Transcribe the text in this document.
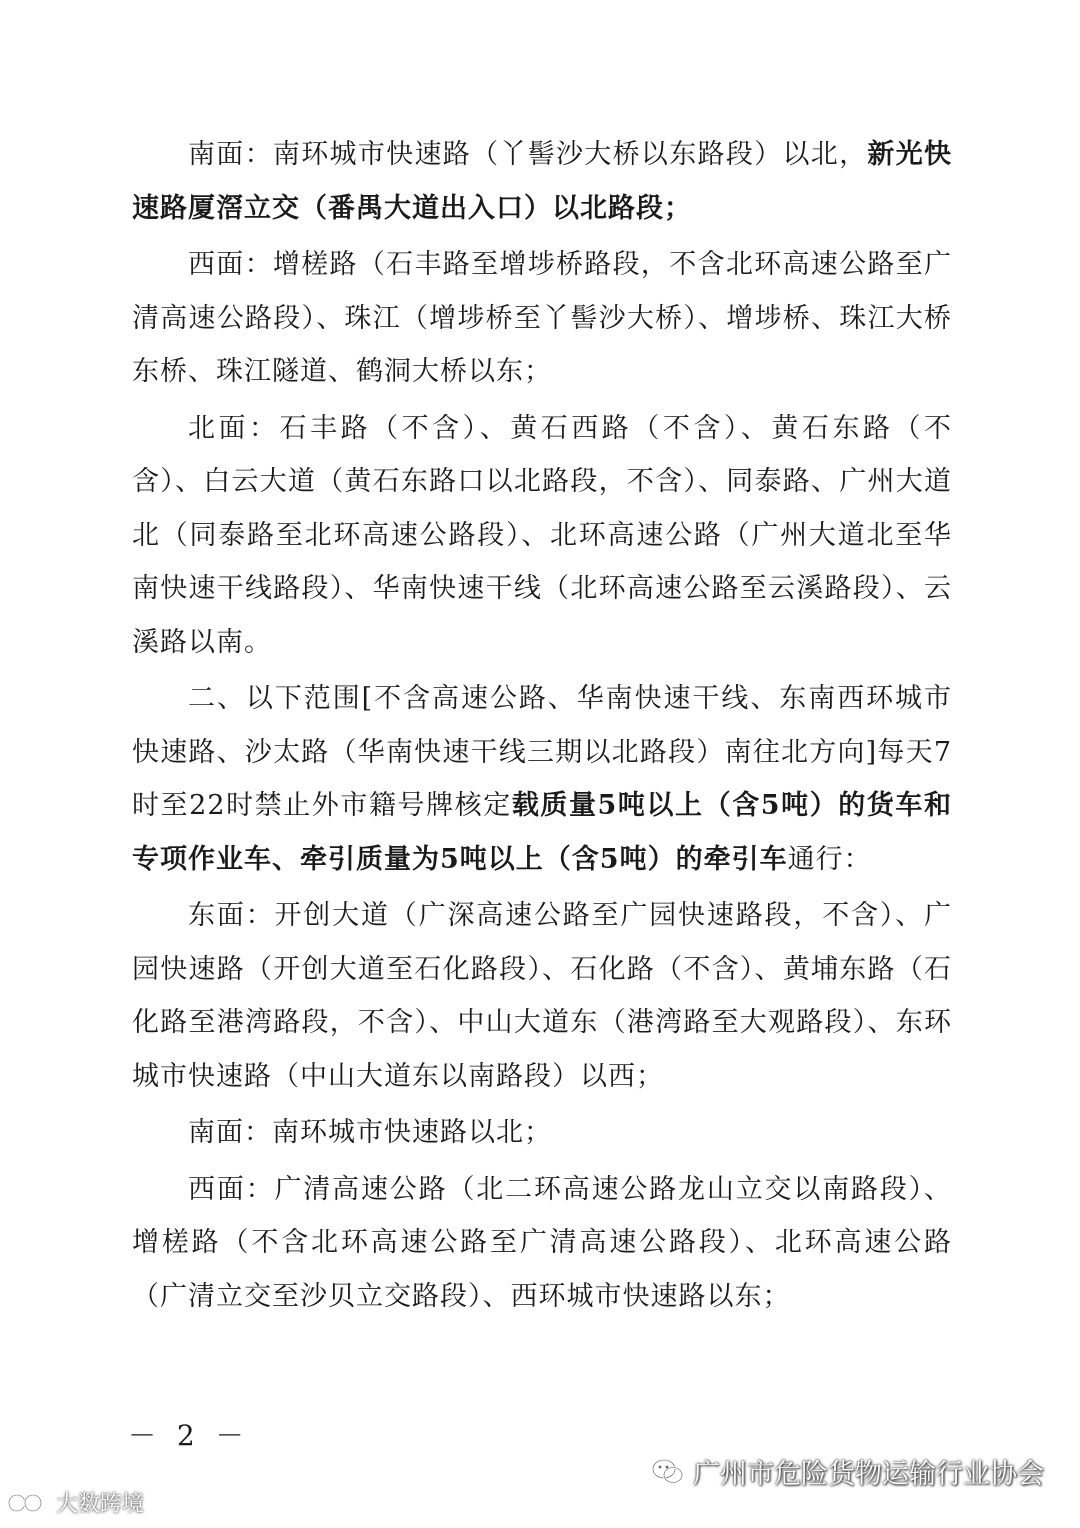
南面：南环城市快速路（丫髻沙大桥以东路段）以北，新光快速路厦滘立交（番禺大道出入口）以北路段；

西面：增槎路（石丰路至增埗桥路段，不含北环高速公路至广清高速公路段）、珠江（增埗桥至丫髻沙大桥）、增埗桥、珠江大桥东桥、珠江隧道、鹤洞大桥以东；

北面：石丰路（不含）、黄石西路（不含）、黄石东路（不含）、白云大道（黄石东路口以北路段，不含）、同泰路、广州大道北（同泰路至北环高速公路段）、北环高速公路（广州大道北至华南快速干线路段）、华南快速干线（北环高速公路至云溪路段）、云溪路以南。

二、以下范围[不含高速公路、华南快速干线、东南西环城市快速路、沙太路（华南快速干线三期以北路段）南往北方向]每天7时至22时禁止外市籍号牌核定载质量5吨以上（含5吨）的货车和专项作业车、牵引质量为5吨以上（含5吨）的牵引车通行：

东面：开创大道（广深高速公路至广园快速路段，不含）、广园快速路（开创大道至石化路段）、石化路（不含）、黄埔东路（石化路至港湾路段，不含）、中山大道东（港湾路至大观路段）、东环城市快速路（中山大道东以南路段）以西；

南面：南环城市快速路以北；

西面：广清高速公路（北二环高速公路龙山立交以南路段）、增槎路（不含北环高速公路至广清高速公路段）、北环高速公路（广清立交至沙贝立交路段）、西环城市快速路以东；

－ 2 －
广州市危险货物运输行业协会
大数跨境
